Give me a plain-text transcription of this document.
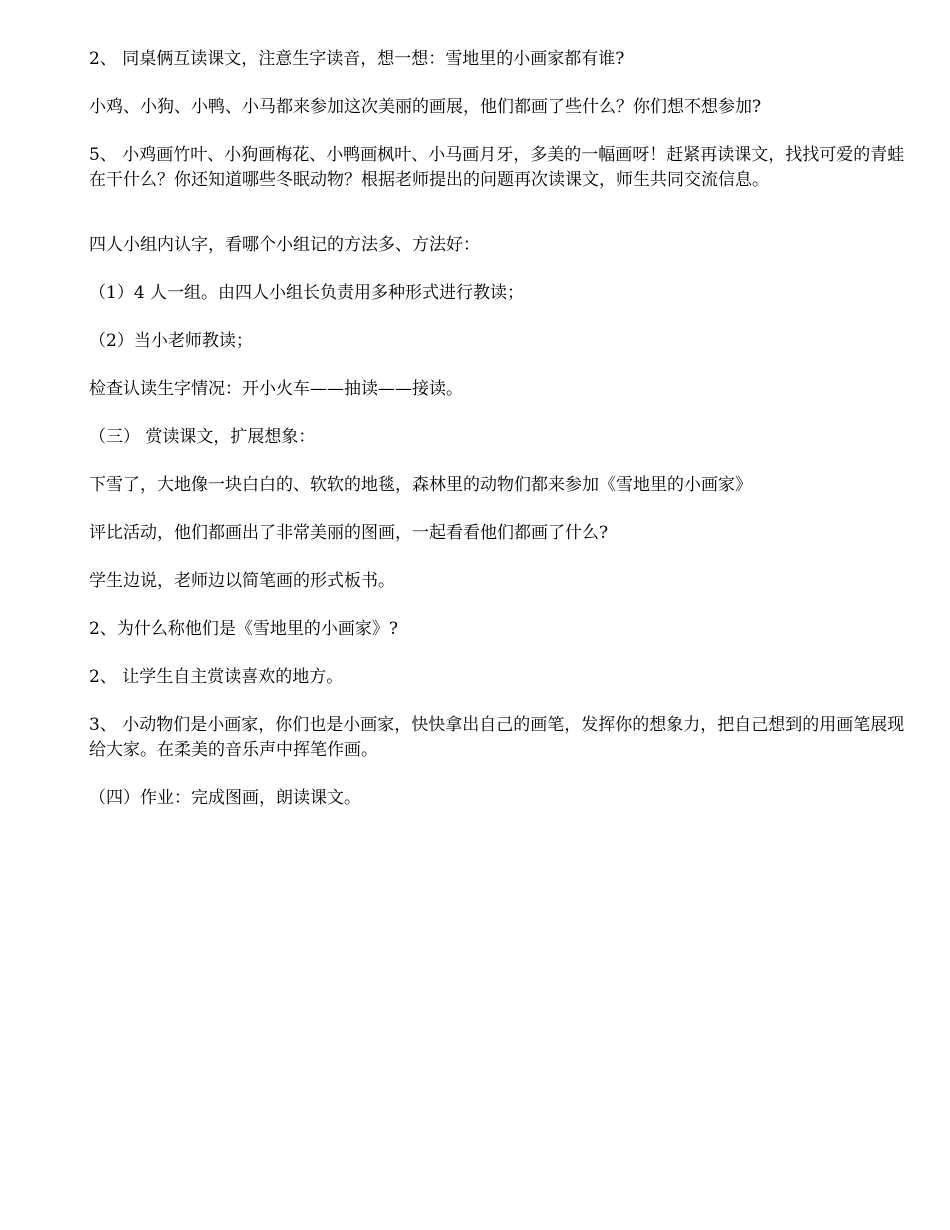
2、 同桌俩互读课文，注意生字读音，想一想：雪地里的小画家都有谁?

小鸡、小狗、小鸭、小马都来参加这次美丽的画展，他们都画了些什么？你们想不想参加?

5、 小鸡画竹叶、小狗画梅花、小鸭画枫叶、小马画月牙，多美的一幅画呀！赶紧再读课文，找找可爱的青蛙在干什么？你还知道哪些冬眠动物？根据老师提出的问题再次读课文，师生共同交流信息。

四人小组内认字，看哪个小组记的方法多、方法好：

（1）4 人一组。由四人小组长负责用多种形式进行教读；

（2）当小老师教读；

检查认读生字情况：开小火车——抽读——接读。

（三） 赏读课文，扩展想象：

下雪了，大地像一块白白的、软软的地毯，森林里的动物们都来参加《雪地里的小画家》

评比活动，他们都画出了非常美丽的图画，一起看看他们都画了什么?

学生边说，老师边以简笔画的形式板书。

2、为什么称他们是《雪地里的小画家》?

2、 让学生自主赏读喜欢的地方。

3、 小动物们是小画家，你们也是小画家，快快拿出自己的画笔，发挥你的想象力，把自己想到的用画笔展现给大家。在柔美的音乐声中挥笔作画。

（四）作业：完成图画，朗读课文。
